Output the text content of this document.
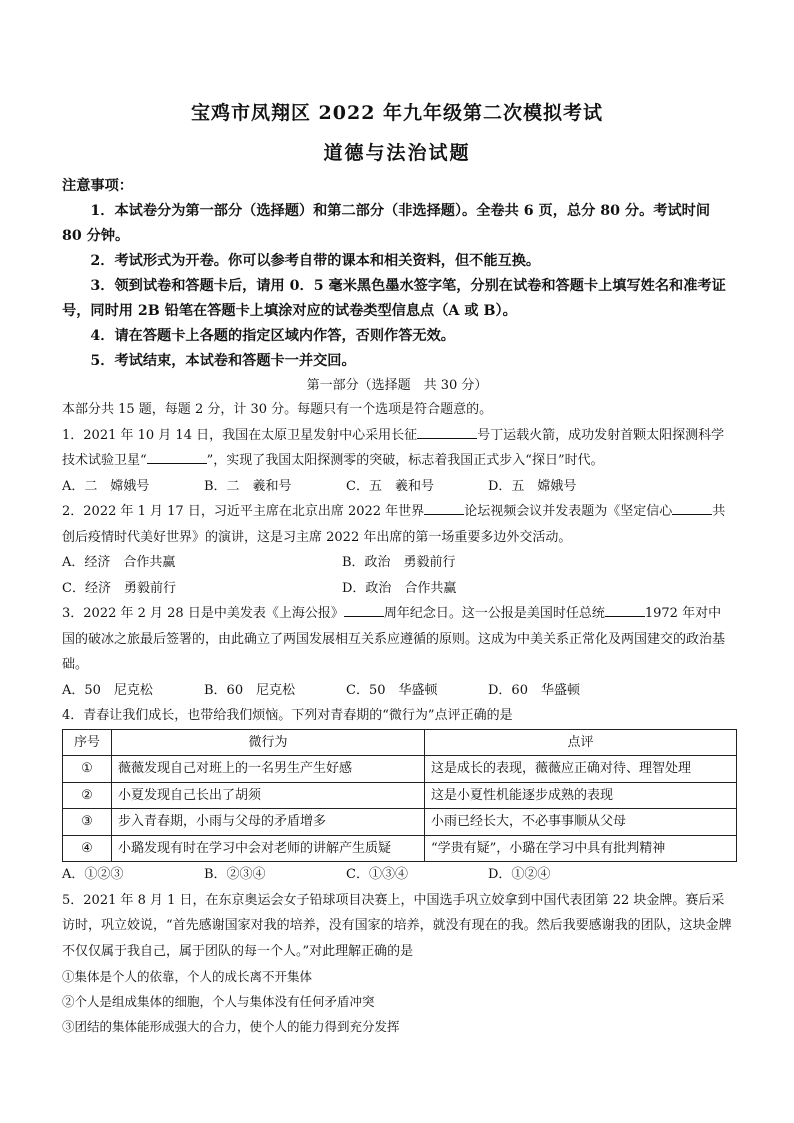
宝鸡市凤翔区 2022 年九年级第二次模拟考试
道德与法治试题

注意事项：

1．本试卷分为第一部分（选择题）和第二部分（非选择题）。全卷共 6 页，总分 80 分。考试时间 80 分钟。

2．考试形式为开卷。你可以参考自带的课本和相关资料，但不能互换。

3．领到试卷和答题卡后，请用 0．5 毫米黑色墨水签字笔，分别在试卷和答题卡上填写姓名和准考证号，同时用 2B 铅笔在答题卡上填涂对应的试卷类型信息点（A 或 B）。

4．请在答题卡上各题的指定区域内作答，否则作答无效。

5．考试结束，本试卷和答题卡一并交回。

第一部分（选择题　共 30 分）

本部分共 15 题，每题 2 分，计 30 分。每题只有一个选项是符合题意的。

1．2021 年 10 月 14 日，我国在太原卫星发射中心采用长征	号丁运载火箭，成功发射首颗太阳探测科学技术试验卫星“	”，实现了我国太阳探测零的突破，标志着我国正式步入“探日”时代。

A．二　嫦娥号	B．二　羲和号	C．五　羲和号	D．五　嫦娥号

2．2022 年 1 月 17 日，习近平主席在北京出席 2022 年世界	论坛视频会议并发表题为《坚定信心	共创后疫情时代美好世界》的演讲，这是习主席 2022 年出席的第一场重要多边外交活动。

A．经济　合作共赢	B．政治　勇毅前行

C．经济　勇毅前行	D．政治　合作共赢

3．2022 年 2 月 28 日是中美发表《上海公报》	周年纪念日。这一公报是美国时任总统	1972 年对中国的破冰之旅最后签署的，由此确立了两国发展相互关系应遵循的原则。这成为中美关系正常化及两国建交的政治基础。

A．50　尼克松	B．60　尼克松	C．50　华盛顿	D．60　华盛顿

4．青春让我们成长，也带给我们烦恼。下列对青春期的“微行为”点评正确的是

序号	微行为	点评
①	薇薇发现自己对班上的一名男生产生好感	这是成长的表现，薇薇应正确对待、理智处理
②	小夏发现自己长出了胡须	这是小夏性机能逐步成熟的表现
③	步入青春期，小雨与父母的矛盾增多	小雨已经长大，不必事事顺从父母
④	小璐发现有时在学习中会对老师的讲解产生质疑	“学贵有疑”，小璐在学习中具有批判精神

A．①②③	B．②③④	C．①③④	D．①②④

5．2021 年 8 月 1 日，在东京奥运会女子铅球项目决赛上，中国选手巩立姣拿到中国代表团第 22 块金牌。赛后采访时，巩立姣说，“首先感谢国家对我的培养，没有国家的培养，就没有现在的我。然后我要感谢我的团队，这块金牌不仅仅属于我自己，属于团队的每一个人。”对此理解正确的是

①集体是个人的依靠，个人的成长离不开集体

②个人是组成集体的细胞，个人与集体没有任何矛盾冲突

③团结的集体能形成强大的合力，使个人的能力得到充分发挥
